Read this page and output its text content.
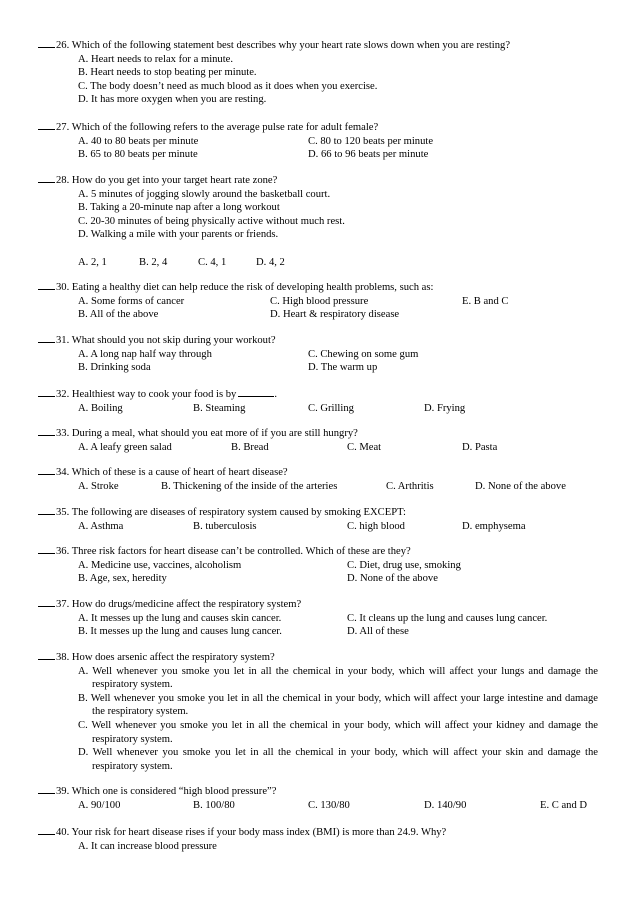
26. Which of the following statement best describes why your heart rate slows down when you are resting?
A. Heart needs to relax for a minute.
B. Heart needs to stop beating per minute.
C. The body doesn’t need as much blood as it does when you exercise.
D. It has more oxygen when you are resting.
27. Which of the following refers to the average pulse rate for adult female?
A. 40 to 80 beats per minute	C. 80 to 120 beats per minute
B. 65 to 80 beats per minute	D. 66 to 96 beats per minute
28. How do you get into your target heart rate zone?
A. 5 minutes of jogging slowly around the basketball court.
B. Taking a 20-minute nap after a long workout
C. 20-30 minutes of being physically active without much rest.
D. Walking a mile with your parents or friends.
A. 2, 1	B. 2, 4	C. 4, 1	D. 4, 2
30. Eating a healthy diet can help reduce the risk of developing health problems, such as:
A. Some forms of cancer	C. High blood pressure	E. B and C
B. All of the above	D. Heart & respiratory disease
31. What should you not skip during your workout?
A. A long nap half way through	C. Chewing on some gum
B. Drinking soda	D. The warm up
32. Healthiest way to cook your food is by	.
A. Boiling	B. Steaming	C. Grilling	D. Frying
33. During a meal, what should you eat more of if you are still hungry?
A. A leafy green salad	B. Bread	C. Meat	D. Pasta
34. Which of these is a cause of heart of heart disease?
A. Stroke	B. Thickening of the inside of the arteries	C. Arthritis	D. None of the above
35. The following are diseases of respiratory system caused by smoking EXCEPT:
A. Asthma	B. tuberculosis	C. high blood	D. emphysema
36. Three risk factors for heart disease can’t be controlled. Which of these are they?
A. Medicine use, vaccines, alcoholism	C. Diet, drug use, smoking
B. Age, sex, heredity	D. None of the above
37. How do drugs/medicine affect the respiratory system?
A. It messes up the lung and causes skin cancer.	C. It cleans up the lung and causes lung cancer.
B. It messes up the lung and causes lung cancer.	D. All of these
38. How does arsenic affect the respiratory system?
A. Well whenever you smoke you let in all the chemical in your body, which will affect your lungs and damage the respiratory system.
B. Well whenever you smoke you let in all the chemical in your body, which will affect your large intestine and damage the respiratory system.
C. Well whenever you smoke you let in all the chemical in your body, which will affect your kidney and damage the respiratory system.
D. Well whenever you smoke you let in all the chemical in your body, which will affect your skin and damage the respiratory system.
39. Which one is considered “high blood pressure”?
A. 90/100	B. 100/80	C. 130/80	D. 140/90	E. C and D
40. Your risk for heart disease rises if your body mass index (BMI) is more than 24.9. Why?
A. It can increase blood pressure
